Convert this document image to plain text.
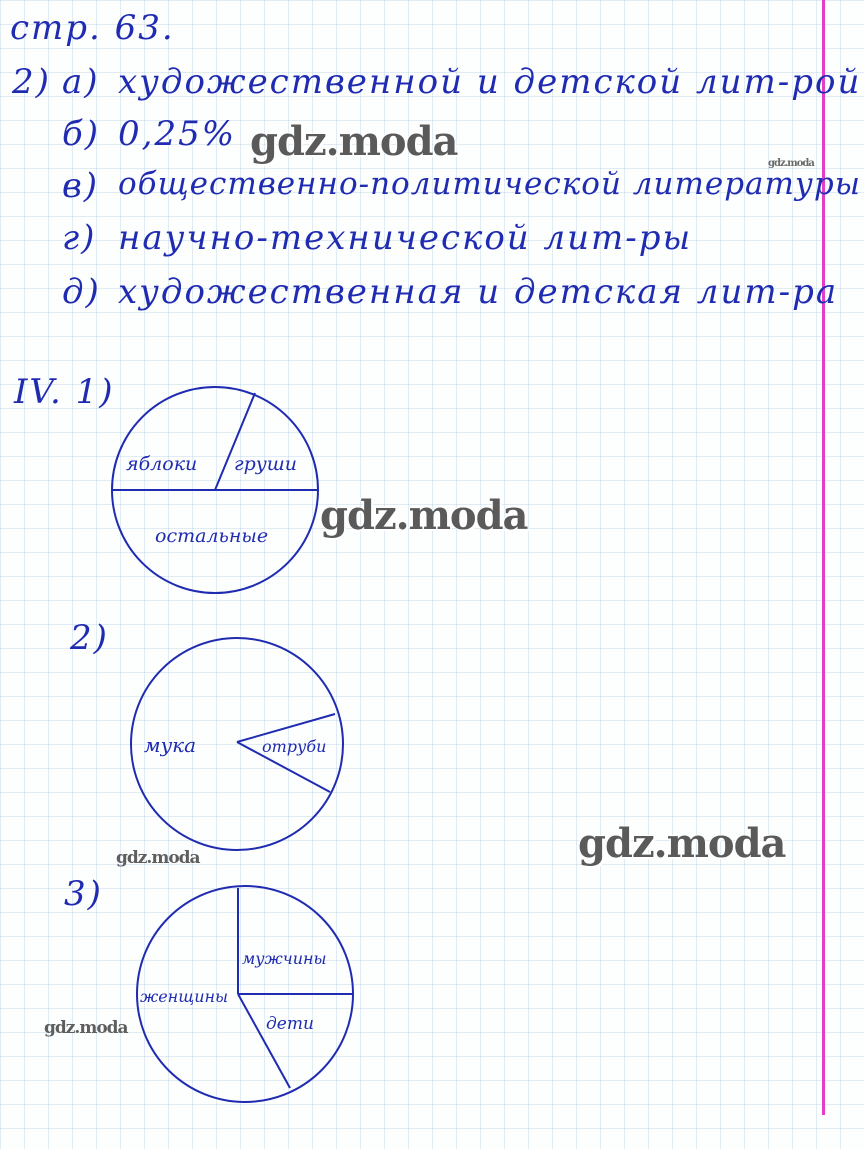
стр. 63.
2) а) художественной и детской лит-рой
б) 0,25%
в) общественно-политической литературы
г) научно-технической лит-ры
д) художественная и детская лит-ра
IV. 1)
яблоки груши
остальные
2)
мука	отруби
3)
мужчины
женщины
дети
gdz.moda	gdz.moda
gdz.moda
gdz.moda
gdz.moda
gdz.moda
